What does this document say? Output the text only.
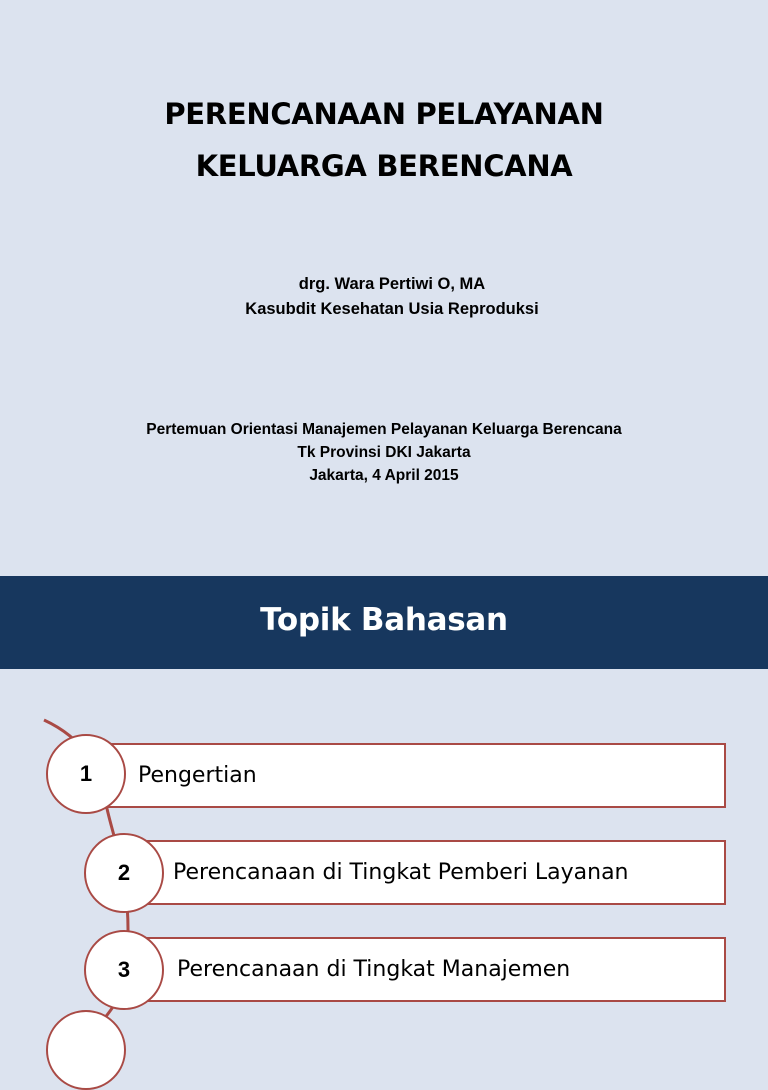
PERENCANAAN PELAYANAN
KELUARGA BERENCANA
drg. Wara Pertiwi O, MA
Kasubdit Kesehatan Usia Reproduksi
Pertemuan Orientasi Manajemen Pelayanan Keluarga Berencana
Tk Provinsi DKI Jakarta
Jakarta, 4 April 2015
Topik Bahasan
Pengertian
1
Perencanaan di Tingkat Pemberi Layanan
2
Perencanaan di Tingkat Manajemen
3
